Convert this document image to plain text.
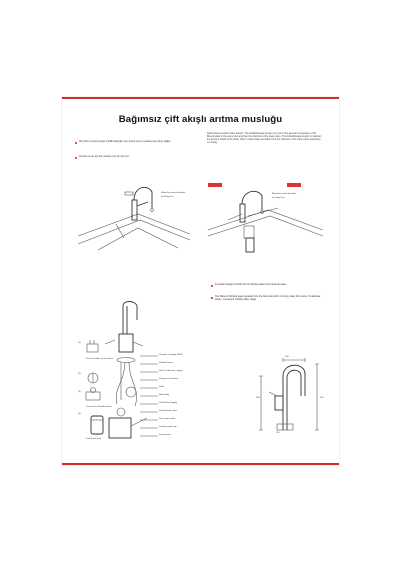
Bağımsız çift akışlı arıtma musluğu
Çift yönlü ve arıtma çıkışlı mutfak bataryası; ayrı arıtma suyu ve şebeke suyu çıkışı sağlar.
Arıtmalı su için ayrı kol, şebeke suyu için ayrı kol.
Dual purpose kitchen water faucets. The doubleflowage design to let you in the general temperature of the filtered water in the same tube and then the channels of the water pipes. The doubleflowage design to maintain the genuine health of the water. Filter's Clean water and water from the channels of the water pipes separately, no mixing.
Mixed hot and cold water
for Daily Use
Mixed hot and cold water
for Daily Use
Innovative Design: Double flow for drinking water and mixed tap water.
Two Water & Drinking water separate from the dual outlet with no mixing, water from spout; It's absolute safety / convenient, healthy water usage.
(1)
Fit the handles to the faucet
(2)
(3)
Connect the flexible hoses
(4)
Install onto sink
Ceramic cartridge 35/40
Flexible hoses
Hot & Cold water supply
Fixing nut & washer
Filter
Main body
Cold Water Supply
Filtered water inlet
Pure water valve
Drinking water tap
Faucet base
235
260	370
210
